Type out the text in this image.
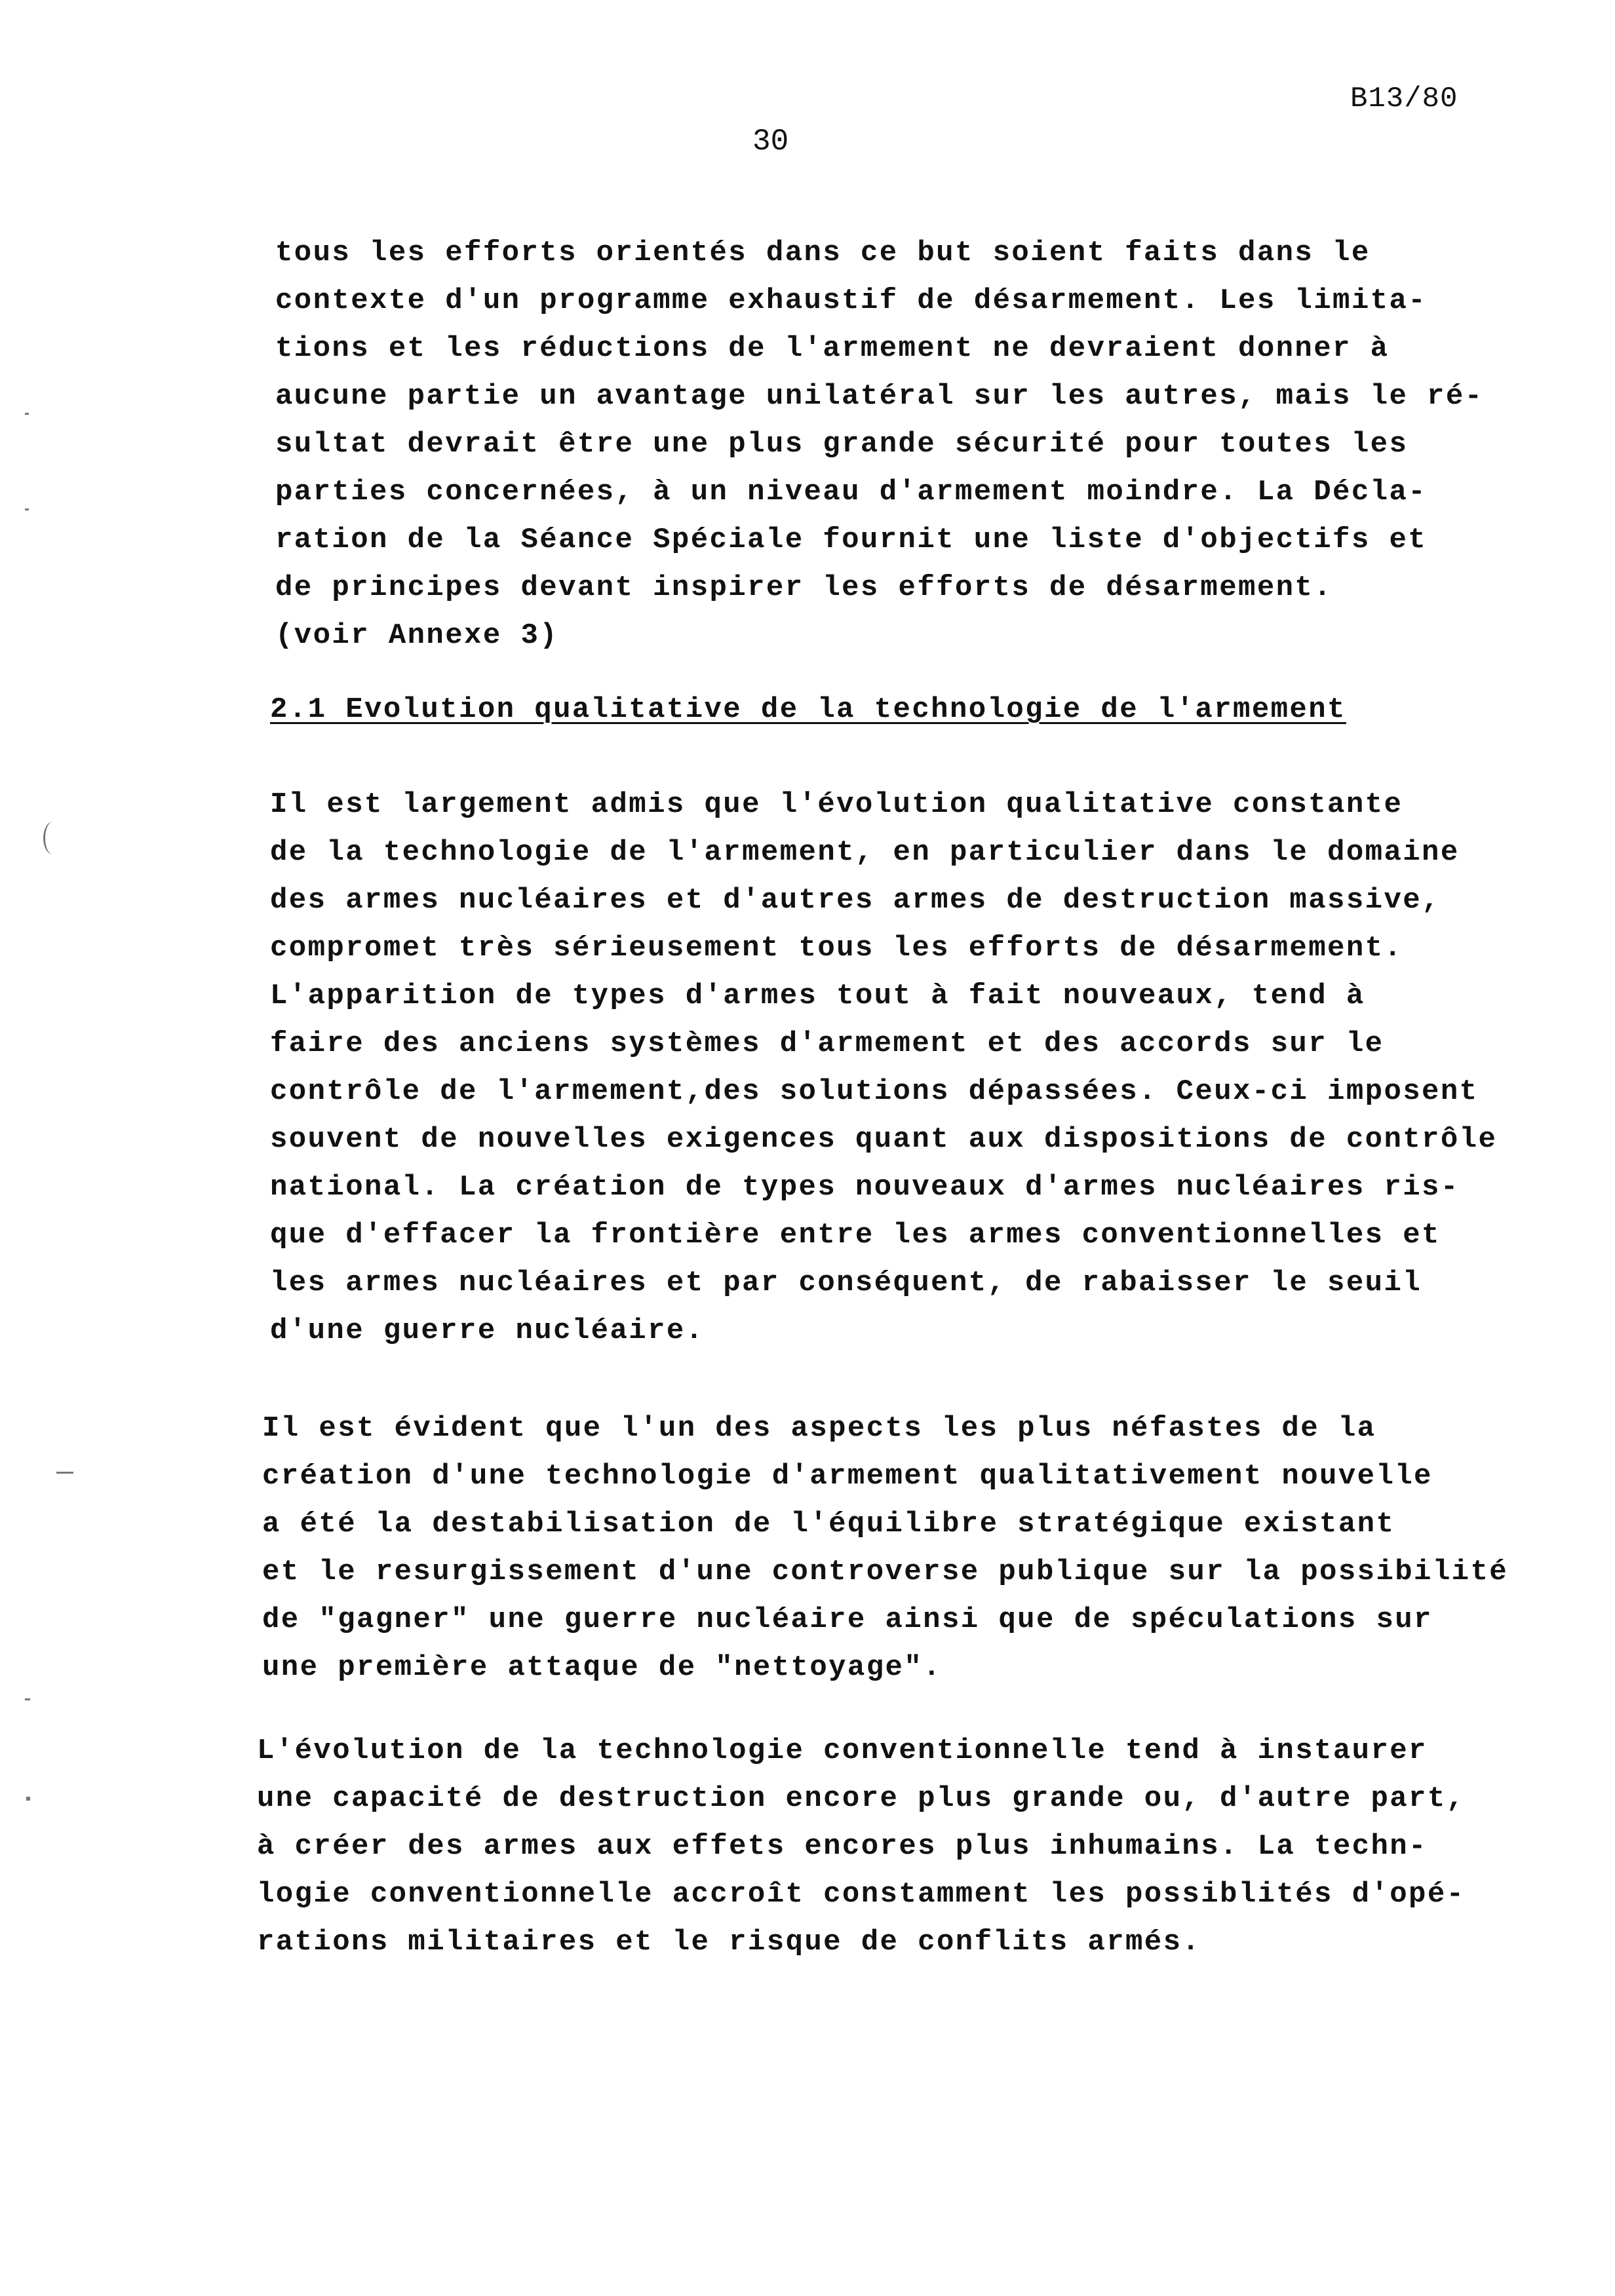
B13/80
30
tous les efforts orientés dans ce but soient faits dans le
contexte d'un programme exhaustif de désarmement. Les limita-
tions et les réductions de l'armement ne devraient donner à
aucune partie un avantage unilatéral sur les autres, mais le ré-
sultat devrait être une plus grande sécurité pour toutes les
parties concernées, à un niveau d'armement moindre. La Décla-
ration de la Séance Spéciale fournit une liste d'objectifs et
de principes devant inspirer les efforts de désarmement.
(voir Annexe 3)
2.1 Evolution qualitative de la technologie de l'armement
Il est largement admis que l'évolution qualitative constante
de la technologie de l'armement, en particulier dans le domaine
des armes nucléaires et d'autres armes de destruction massive,
compromet très sérieusement tous les efforts de désarmement.
L'apparition de types d'armes tout à fait nouveaux, tend à
faire des anciens systèmes d'armement et des accords sur le
contrôle de l'armement,des solutions dépassées. Ceux-ci imposent
souvent de nouvelles exigences quant aux dispositions de contrôle
national. La création de types nouveaux d'armes nucléaires ris-
que d'effacer la frontière entre les armes conventionnelles et
les armes nucléaires et par conséquent, de rabaisser le seuil
d'une guerre nucléaire.
Il est évident que l'un des aspects les plus néfastes de la
création d'une technologie d'armement qualitativement nouvelle
a été la destabilisation de l'équilibre stratégique existant
et le resurgissement d'une controverse publique sur la possibilité
de "gagner" une guerre nucléaire ainsi que de spéculations sur
une première attaque de "nettoyage".
L'évolution de la technologie conventionnelle tend à instaurer
une capacité de destruction encore plus grande ou, d'autre part,
à créer des armes aux effets encores plus inhumains. La techn-
logie conventionnelle accroît constamment les possiblités d'opé-
rations militaires et le risque de conflits armés.
